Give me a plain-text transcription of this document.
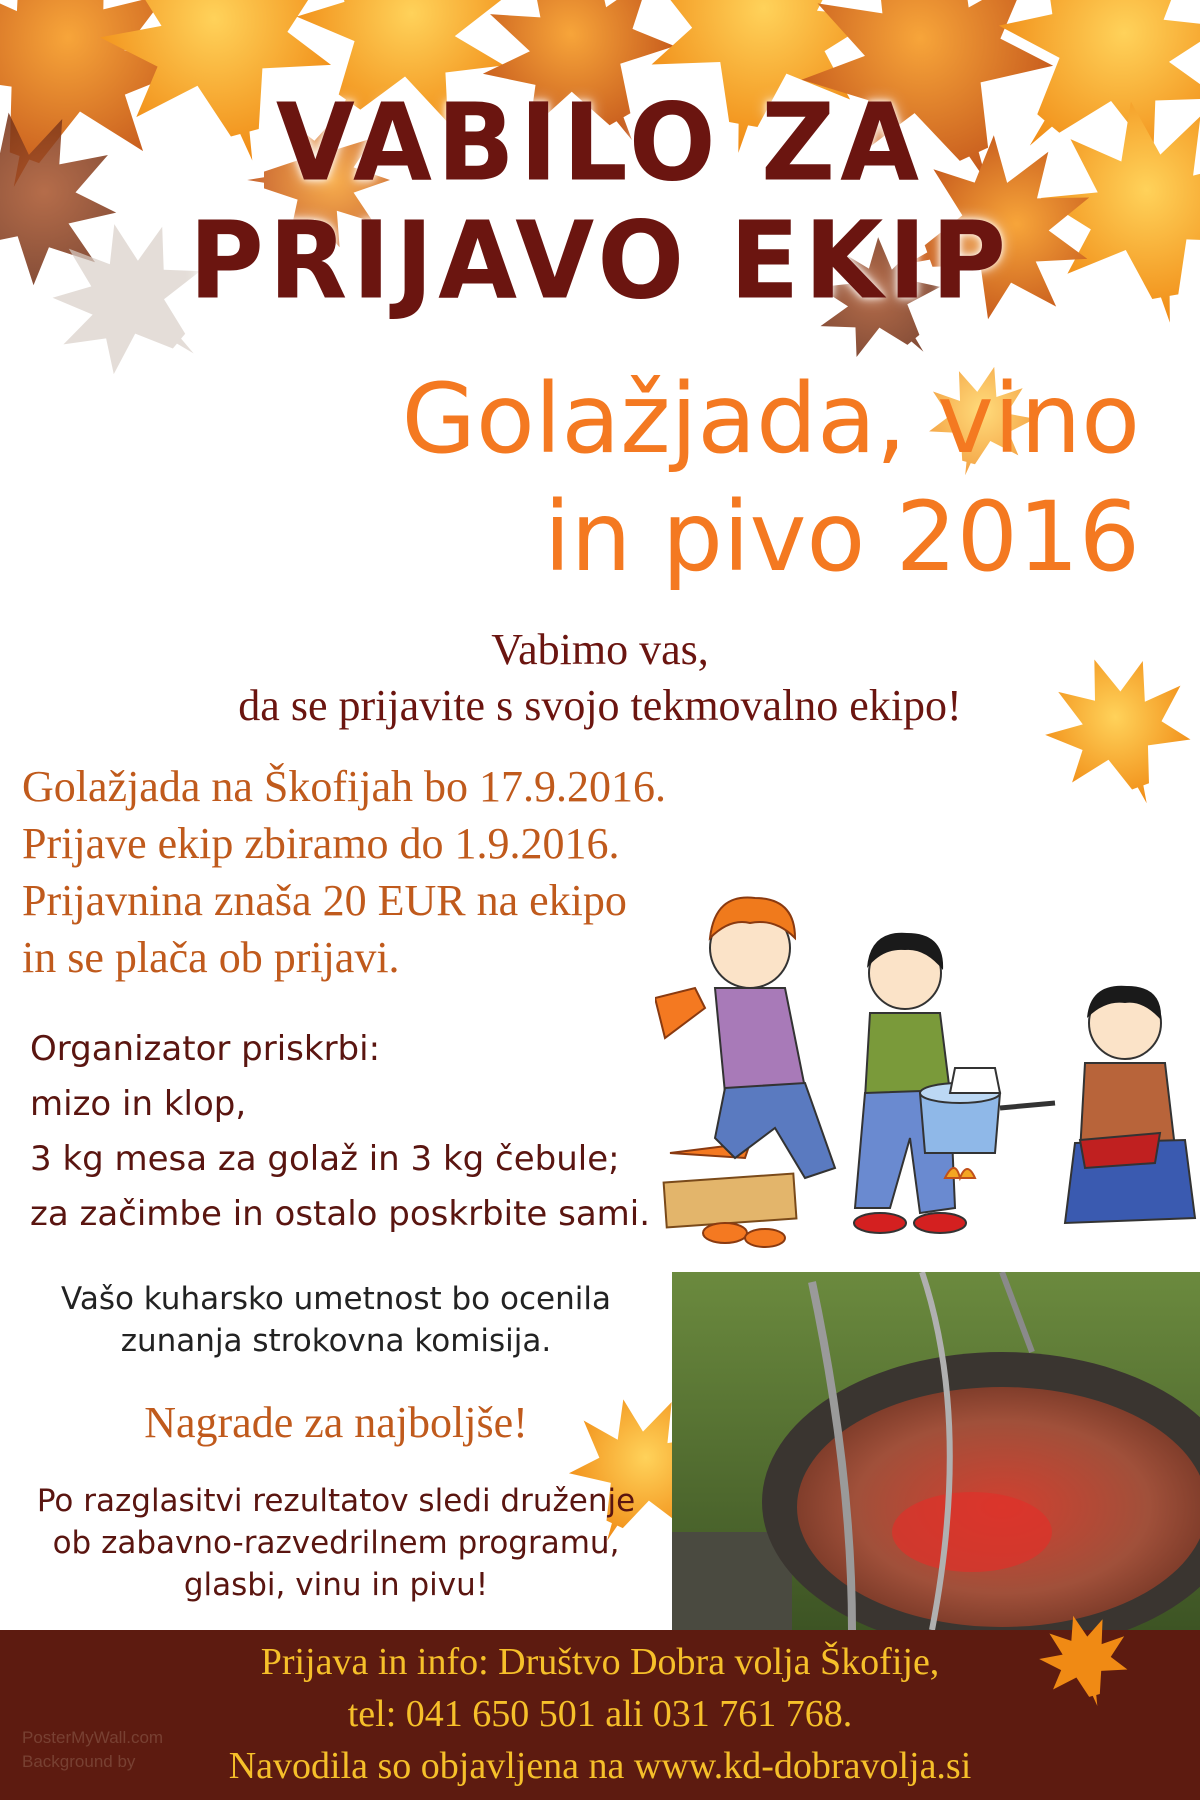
VABILO ZA
PRIJAVO EKIP
Golažjada, vino
in pivo 2016
Vabimo vas,
da se prijavite s svojo tekmovalno ekipo!
Golažjada na Škofijah bo 17.9.2016.
Prijave ekip zbiramo do 1.9.2016.
Prijavnina znaša 20 EUR na ekipo
in se plača ob prijavi.
Organizator priskrbi:
mizo in klop,
3 kg mesa za golaž in 3 kg čebule;
za začimbe in ostalo poskrbite sami.
Vašo kuharsko umetnost bo ocenila
zunanja strokovna komisija.
Nagrade za najboljše!
Po razglasitvi rezultatov sledi druženje
ob zabavno-razvedrilnem programu,
glasbi, vinu in pivu!
Prijava in info: Društvo Dobra volja Škofije,
tel: 041 650 501 ali 031 761 768.
Navodila so objavljena na www.kd-dobravolja.si
PosterMyWall.com
Background by
